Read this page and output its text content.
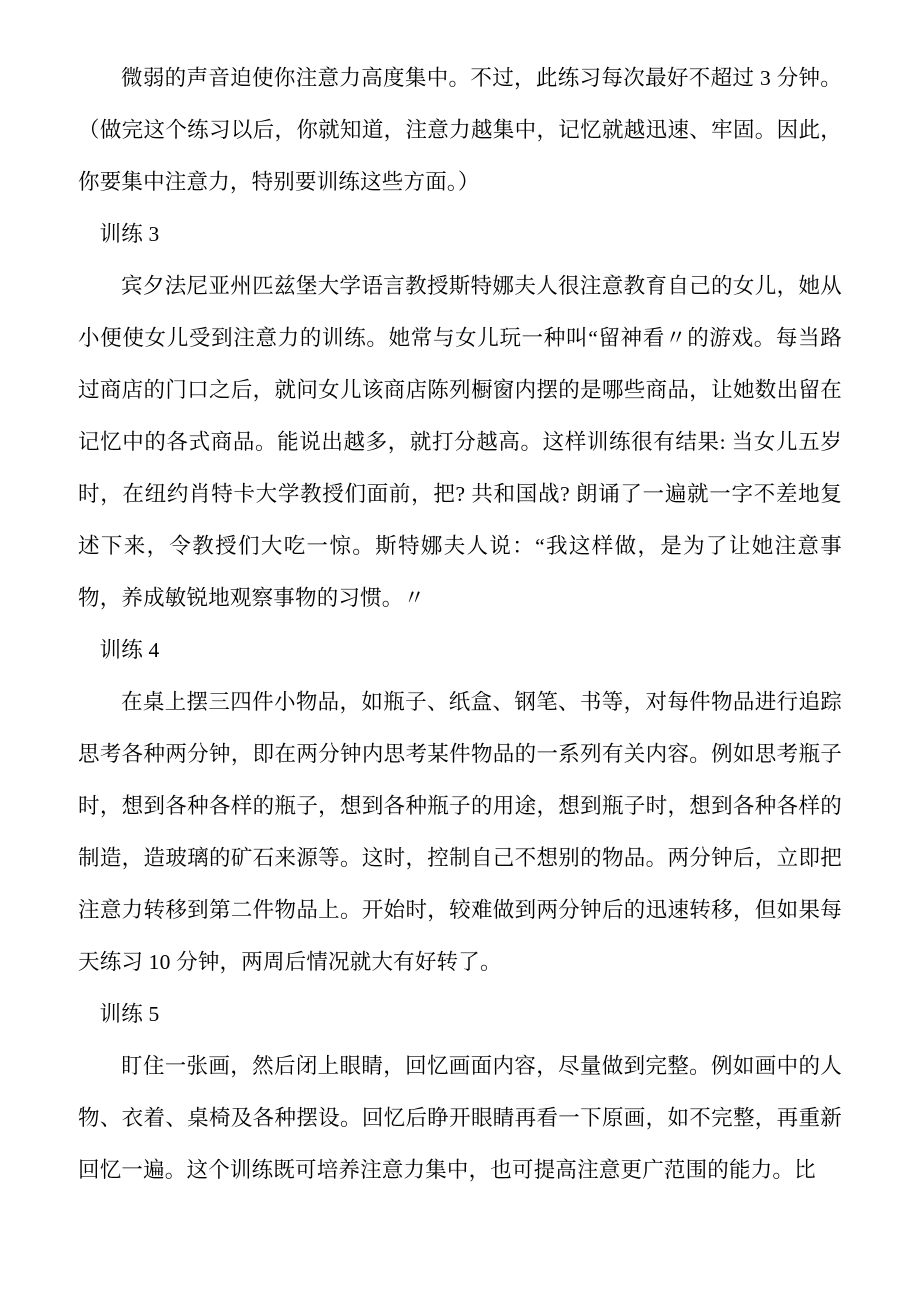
微弱的声音迫使你注意力高度集中。不过，此练习每次最好不超过 3 分钟。（做完这个练习以后，你就知道，注意力越集中，记忆就越迅速、牢固。因此，你要集中注意力，特别要训练这些方面。）

训练 3

宾夕法尼亚州匹兹堡大学语言教授斯特娜夫人很注意教育自己的女儿，她从小便使女儿受到注意力的训练。她常与女儿玩一种叫“留神看〃的游戏。每当路过商店的门口之后，就问女儿该商店陈列橱窗内摆的是哪些商品，让她数出留在记忆中的各式商品。能说出越多，就打分越高。这样训练很有结果: 当女儿五岁时，在纽约肖特卡大学教授们面前，把? 共和国战? 朗诵了一遍就一字不差地复述下来，令教授们大吃一惊。斯特娜夫人说：“我这样做，是为了让她注意事物，养成敏锐地观察事物的习惯。〃

训练 4

在桌上摆三四件小物品，如瓶子、纸盒、钢笔、书等，对每件物品进行追踪思考各种两分钟，即在两分钟内思考某件物品的一系列有关内容。例如思考瓶子时，想到各种各样的瓶子，想到各种瓶子的用途，想到瓶子时，想到各种各样的制造，造玻璃的矿石来源等。这时，控制自己不想别的物品。两分钟后，立即把注意力转移到第二件物品上。开始时，较难做到两分钟后的迅速转移，但如果每天练习 10 分钟，两周后情况就大有好转了。

训练 5

盯住一张画，然后闭上眼睛，回忆画面内容，尽量做到完整。例如画中的人物、衣着、桌椅及各种摆设。回忆后睁开眼睛再看一下原画，如不完整，再重新回忆一遍。这个训练既可培养注意力集中，也可提高注意更广范围的能力。比
